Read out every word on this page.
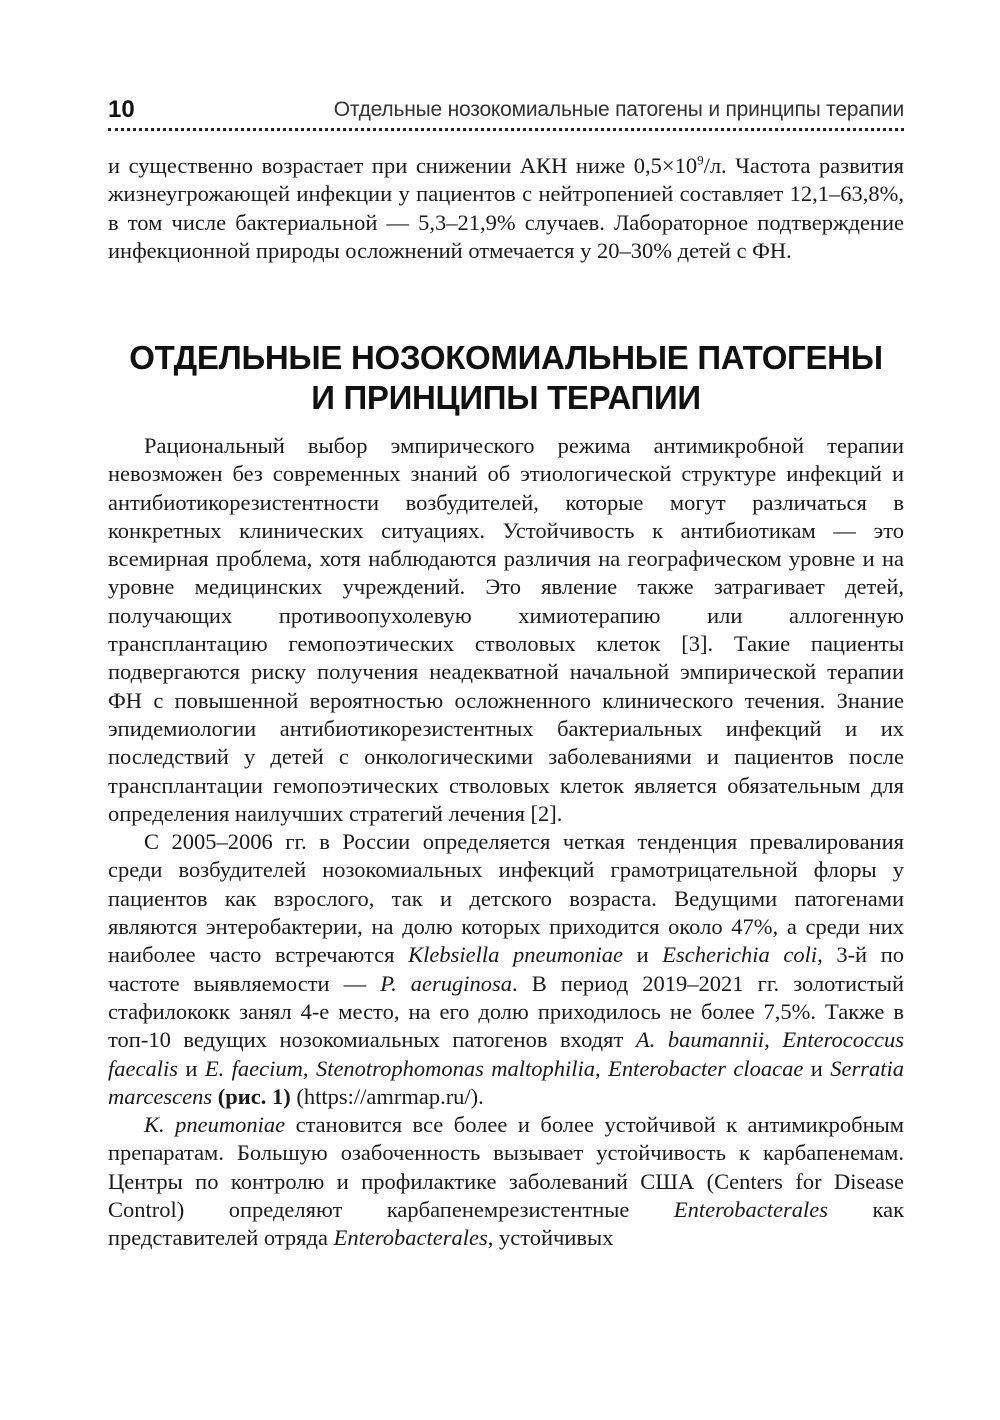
10	Отдельные нозокомиальные патогены и принципы терапии

и существенно возрастает при снижении АКН ниже $0,5\times 10^9/л$. Частота развития жизнеугрожающей инфекции у пациентов с нейтропенией составляет 12,1–63,8%, в том числе бактериальной — 5,3–21,9% случаев. Лабораторное подтверждение инфекционной природы осложнений отмечается у 20–30% детей с ФН.

ОТДЕЛЬНЫЕ НОЗОКОМИАЛЬНЫЕ ПАТОГЕНЫ
И ПРИНЦИПЫ ТЕРАПИИ

Рациональный выбор эмпирического режима антимикробной терапии невозможен без современных знаний об этиологической структуре инфекций и антибиотикорезистентности возбудителей, которые могут различаться в конкретных клинических ситуациях. Устойчивость к антибиотикам — это всемирная проблема, хотя наблюдаются различия на географическом уровне и на уровне медицинских учреждений. Это явление также затрагивает детей, получающих противоопухолевую химиотерапию или аллогенную трансплантацию гемопоэтических стволовых клеток [3]. Такие пациенты подвергаются риску получения неадекватной начальной эмпирической терапии ФН с повышенной вероятностью осложненного клинического течения. Знание эпидемиологии антибиотикорезистентных бактериальных инфекций и их последствий у детей с онкологическими заболеваниями и пациентов после трансплантации гемопоэтических стволовых клеток является обязательным для определения наилучших стратегий лечения [2].

С 2005–2006 гг. в России определяется четкая тенденция превалирования среди возбудителей нозокомиальных инфекций грамотрицательной флоры у пациентов как взрослого, так и детского возраста. Ведущими патогенами являются энтеробактерии, на долю которых приходится около 47%, а среди них наиболее часто встречаются Klebsiella pneumoniae и Escherichia coli, 3-й по частоте выявляемости — P. aeruginosa. В период 2019–2021 гг. золотистый стафилококк занял 4-е место, на его долю приходилось не более 7,5%. Также в топ-10 ведущих нозокомиальных патогенов входят A. baumannii, Enterococcus faecalis и E. faecium, Stenotrophomonas maltophilia, Enterobacter cloacae и Serratia marcescens (рис. 1) (https://amrmap.ru/).

K. pneumoniae становится все более и более устойчивой к антимикробным препаратам. Большую озабоченность вызывает устойчивость к карбапенемам. Центры по контролю и профилактике заболеваний США (Centers for Disease Control) определяют карбапенемрезистентные Enterobacterales как представителей отряда Enterobacterales, устойчивых
